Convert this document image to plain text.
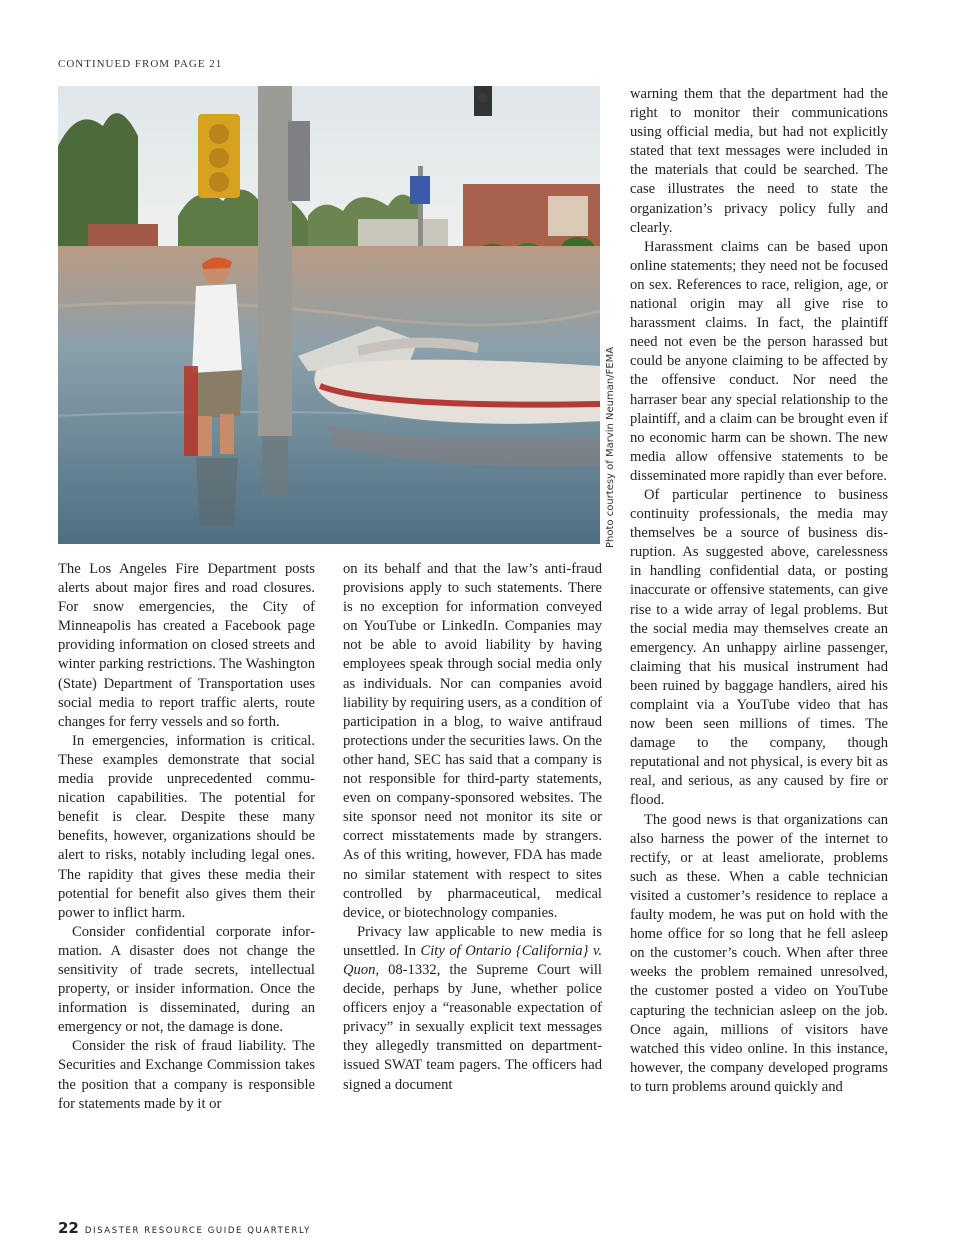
CONTINUED FROM PAGE 21
Photo courtesy of Marvin Neuman/FEMA

The Los Angeles Fire Department posts alerts about major fires and road closures. For snow emergencies, the City of Minneapolis has created a Facebook page providing information on closed streets and winter parking restrictions. The Washington (State) Department of Transportation uses social media to report traffic alerts, route changes for ferry vessels and so forth.

In emergencies, information is critical. These examples demonstrate that social media provide unprecedented communication capabilities. The potential for benefit is clear. Despite these many benefits, however, organizations should be alert to risks, notably including legal ones. The rapidity that gives these media their potential for benefit also gives them their power to inflict harm.

Consider confidential corporate information. A disaster does not change the sensitivity of trade secrets, intellectual property, or insider information. Once the information is disseminated, during an emergency or not, the damage is done.

Consider the risk of fraud liability. The Securities and Exchange Commission takes the position that a company is responsible for statements made by it or

on its behalf and that the law’s anti-fraud provisions apply to such statements. There is no exception for information conveyed on YouTube or LinkedIn. Companies may not be able to avoid liability by having employees speak through social media only as individuals. Nor can companies avoid liability by requiring users, as a condition of participation in a blog, to waive antifraud protections under the securities laws. On the other hand, SEC has said that a company is not responsible for third-party statements, even on company-sponsored websites. The site sponsor need not monitor its site or correct misstatements made by strangers. As of this writing, however, FDA has made no similar statement with respect to sites controlled by pharmaceutical, medical device, or biotechnology companies.

Privacy law applicable to new media is unsettled. In City of Ontario {California} v. Quon, 08-1332, the Supreme Court will decide, perhaps by June, whether police officers enjoy a “reasonable expectation of privacy” in sexually explicit text messages they allegedly transmitted on department-issued SWAT team pagers. The officers had signed a document

warning them that the department had the right to monitor their communications using official media, but had not explicitly stated that text messages were included in the materials that could be searched. The case illustrates the need to state the organization’s privacy policy fully and clearly.

Harassment claims can be based upon online statements; they need not be focused on sex. References to race, religion, age, or national origin may all give rise to harassment claims. In fact, the plaintiff need not even be the person harassed but could be anyone claiming to be affected by the offensive conduct. Nor need the harraser bear any special relationship to the plaintiff, and a claim can be brought even if no economic harm can be shown. The new media allow offensive statements to be disseminated more rapidly than ever before.

Of particular pertinence to business continuity professionals, the media may themselves be a source of business disruption. As suggested above, carelessness in handling confidential data, or posting inaccurate or offensive statements, can give rise to a wide array of legal problems. But the social media may themselves create an emergency. An unhappy airline passenger, claiming that his musical instrument had been ruined by baggage handlers, aired his complaint via a YouTube video that has now been seen millions of times. The damage to the company, though reputational and not physical, is every bit as real, and serious, as any caused by fire or flood.

The good news is that organizations can also harness the power of the internet to rectify, or at least ameliorate, problems such as these. When a cable technician visited a customer’s residence to replace a faulty modem, he was put on hold with the home office for so long that he fell asleep on the customer’s couch. When after three weeks the problem remained unresolved, the customer posted a video on YouTube capturing the technician asleep on the job. Once again, millions of visitors have watched this video online. In this instance, however, the company developed programs to turn problems around quickly and

22 DISASTER RESOURCE GUIDE QUARTERLY
